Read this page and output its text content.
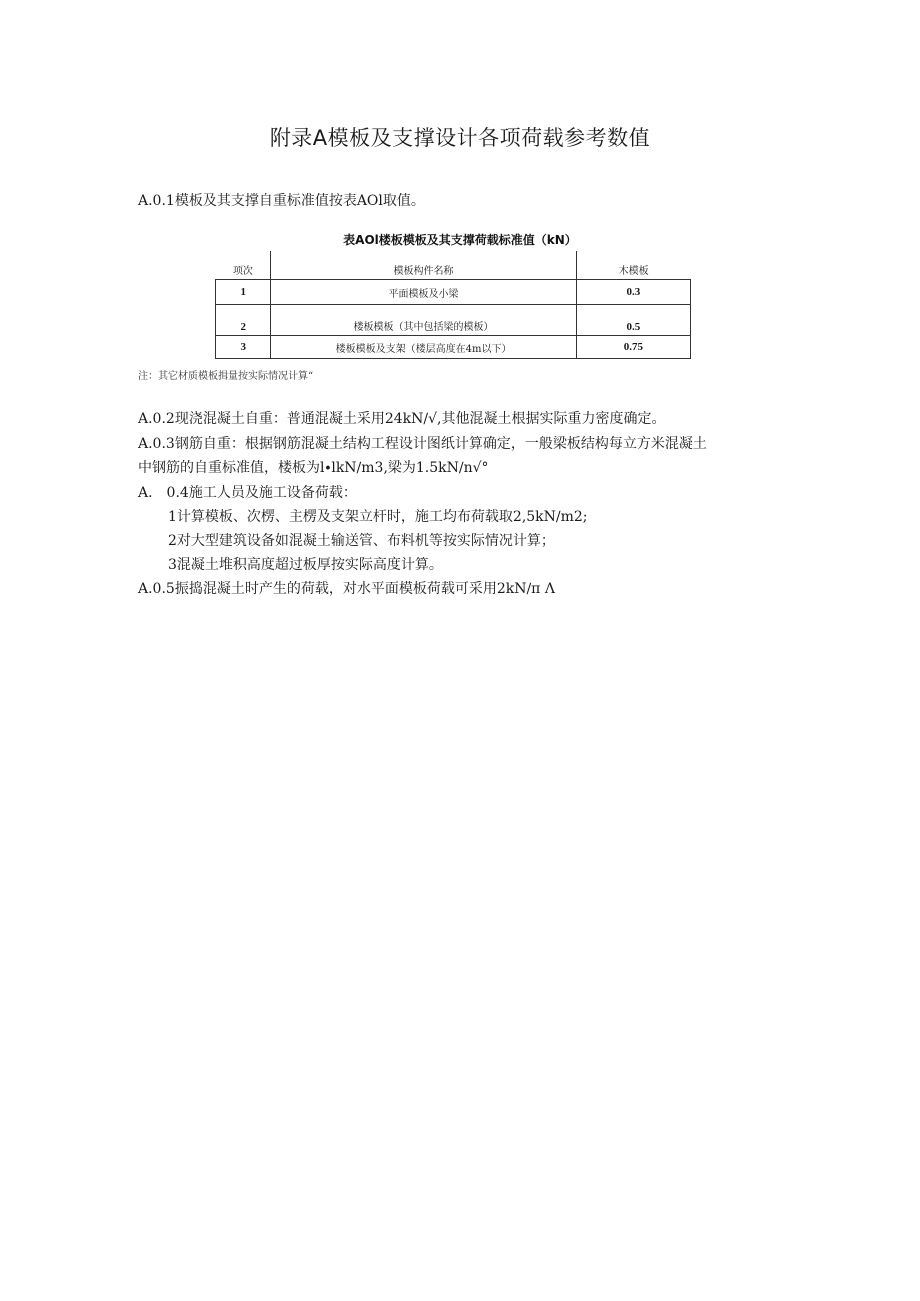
附录A模板及支撑设计各项荷载参考数值
A.0.1模板及其支撑自重标准值按表AOl取值。
表AOl楼板模板及其支撑荷载标准值（kN）
项次	模板构件名称	木模板
1	平面模板及小梁	0.3
2	楼板模板（其中包括梁的模板）	0.5
3	楼板模板及支架（楼层高度在4m以下）	0.75
注：其它材质模板揖量按实际情况计算“
A.0.2现浇混凝土自重：普通混凝土采用24kN∕√,其他混凝土根据实际重力密度确定。
A.0.3钢筋自重：根据钢筋混凝土结构工程设计图纸计算确定，一般梁板结构每立方米混凝土
中钢筋的自重标准值，楼板为l∙lkN∕m3,梁为1.5kN∕n√°
A.　0.4施工人员及施工设备荷载：
1计算模板、次楞、主楞及支架立杆时，施工均布荷载取2,5kN∕m2;
2对大型建筑设备如混凝土输送管、布料机等按实际情况计算；
3混凝土堆积高度超过板厚按实际高度计算。
A.0.5振捣混凝土时产生的荷载，对水平面模板荷载可采用2kN∕π Λ
